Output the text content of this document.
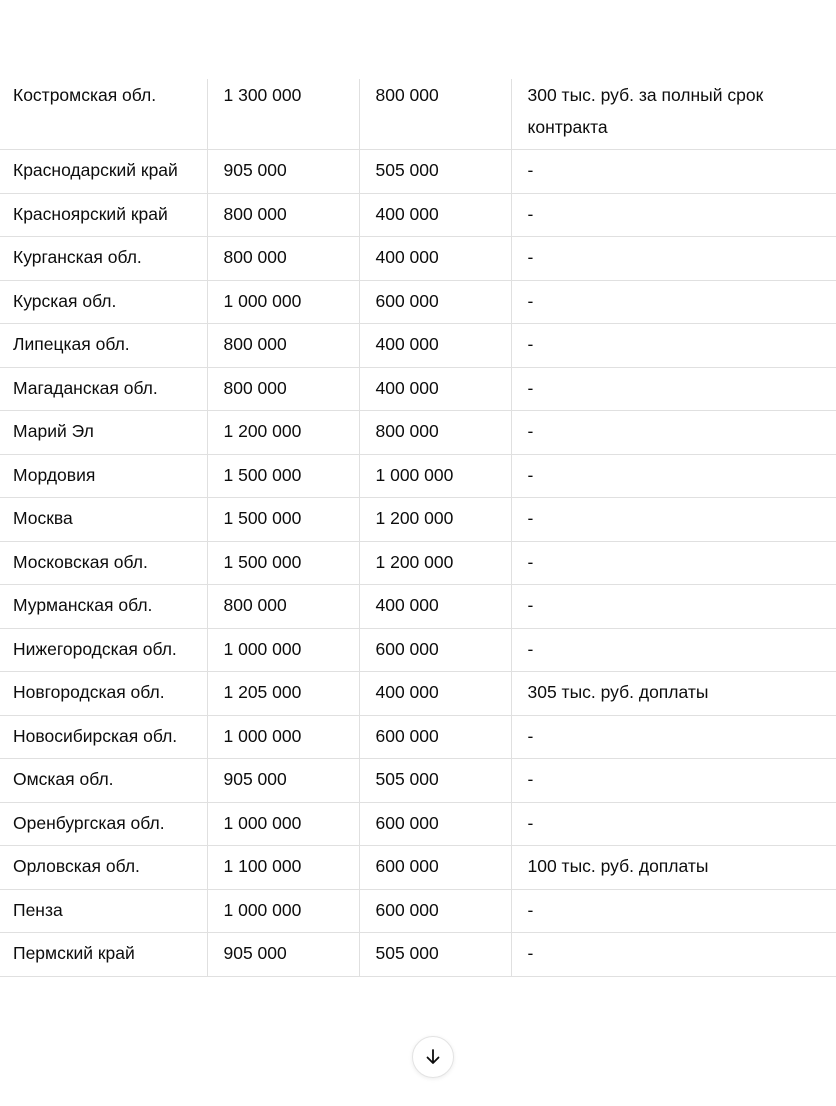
Костромская обл.	1 300 000	800 000	300 тыс. руб. за полный срок контракта
Краснодарский край	905 000	505 000	-
Красноярский край	800 000	400 000	-
Курганская обл.	800 000	400 000	-
Курская обл.	1 000 000	600 000	-
Липецкая обл.	800 000	400 000	-
Магаданская обл.	800 000	400 000	-
Марий Эл	1 200 000	800 000	-
Мордовия	1 500 000	1 000 000	-
Москва	1 500 000	1 200 000	-
Московская обл.	1 500 000	1 200 000	-
Мурманская обл.	800 000	400 000	-
Нижегородская обл.	1 000 000	600 000	-
Новгородская обл.	1 205 000	400 000	305 тыс. руб. доплаты
Новосибирская обл.	1 000 000	600 000	-
Омская обл.	905 000	505 000	-
Оренбургская обл.	1 000 000	600 000	-
Орловская обл.	1 100 000	600 000	100 тыс. руб. доплаты
Пенза	1 000 000	600 000	-
Пермский край	905 000	505 000	-
